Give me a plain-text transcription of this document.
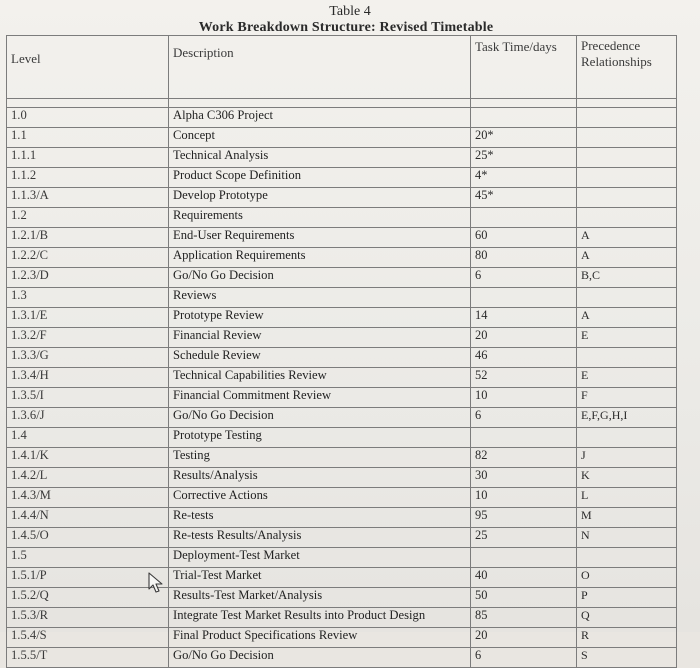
Table 4
Work Breakdown Structure: Revised Timetable
Level	Description	Task Time/days	Precedence Relationships

1.0	Alpha C306 Project		
1.1	Concept	20*	
1.1.1	Technical Analysis	25*	
1.1.2	Product Scope Definition	4*	
1.1.3/A	Develop Prototype	45*	
1.2	Requirements		
1.2.1/B	End-User Requirements	60	A
1.2.2/C	Application Requirements	80	A
1.2.3/D	Go/No Go Decision	6	B,C
1.3	Reviews		
1.3.1/E	Prototype Review	14	A
1.3.2/F	Financial Review	20	E
1.3.3/G	Schedule Review	46	
1.3.4/H	Technical Capabilities Review	52	E
1.3.5/I	Financial Commitment Review	10	F
1.3.6/J	Go/No Go Decision	6	E,F,G,H,I
1.4	Prototype Testing		
1.4.1/K	Testing	82	J
1.4.2/L	Results/Analysis	30	K
1.4.3/M	Corrective Actions	10	L
1.4.4/N	Re-tests	95	M
1.4.5/O	Re-tests Results/Analysis	25	N
1.5	Deployment-Test Market		
1.5.1/P	Trial-Test Market	40	O
1.5.2/Q	Results-Test Market/Analysis	50	P
1.5.3/R	Integrate Test Market Results into Product Design	85	Q
1.5.4/S	Final Product Specifications Review	20	R
1.5.5/T	Go/No Go Decision	6	S
